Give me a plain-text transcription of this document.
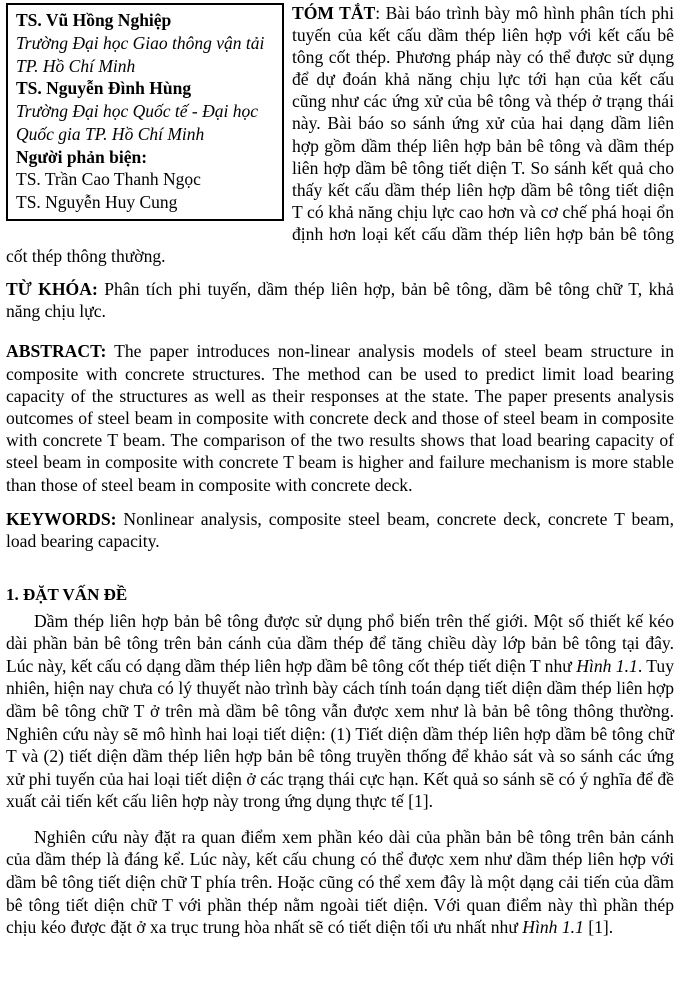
TS. Vũ Hồng Nghiệp
Trường Đại học Giao thông vận tải TP. Hồ Chí Minh
TS. Nguyễn Đình Hùng
Trường Đại học Quốc tế - Đại học Quốc gia TP. Hồ Chí Minh
Người phản biện:
TS. Trần Cao Thanh Ngọc
TS. Nguyễn Huy Cung

TÓM TẮT: Bài báo trình bày mô hình phân tích phi tuyến của kết cấu dầm thép liên hợp với kết cấu bê tông cốt thép. Phương pháp này có thể được sử dụng để dự đoán khả năng chịu lực tới hạn của kết cấu cũng như các ứng xử của bê tông và thép ở trạng thái này. Bài báo so sánh ứng xử của hai dạng dầm liên hợp gồm dầm thép liên hợp bản bê tông và dầm thép liên hợp dầm bê tông tiết diện T. So sánh kết quả cho thấy kết cấu dầm thép liên hợp dầm bê tông tiết diện T có khả năng chịu lực cao hơn và cơ chế phá hoại ổn định hơn loại kết cấu dầm thép liên hợp bản bê tông cốt thép thông thường.

TỪ KHÓA: Phân tích phi tuyến, dầm thép liên hợp, bản bê tông, dầm bê tông chữ T, khả năng chịu lực.

ABSTRACT: The paper introduces non-linear analysis models of steel beam structure in composite with concrete structures. The method can be used to predict limit load bearing capacity of the structures as well as their responses at the state. The paper presents analysis outcomes of steel beam in composite with concrete deck and those of steel beam in composite with concrete T beam. The comparison of the two results shows that load bearing capacity of steel beam in composite with concrete T beam is higher and failure mechanism is more stable than those of steel beam in composite with concrete deck.

KEYWORDS: Nonlinear analysis, composite steel beam, concrete deck, concrete T beam, load bearing capacity.

1. ĐẶT VẤN ĐỀ

Dầm thép liên hợp bản bê tông được sử dụng phổ biến trên thế giới. Một số thiết kế kéo dài phần bản bê tông trên bản cánh của dầm thép để tăng chiều dày lớp bản bê tông tại đây. Lúc này, kết cấu có dạng dầm thép liên hợp dầm bê tông cốt thép tiết diện T như Hình 1.1. Tuy nhiên, hiện nay chưa có lý thuyết nào trình bày cách tính toán dạng tiết diện dầm thép liên hợp dầm bê tông chữ T ở trên mà dầm bê tông vẫn được xem như là bản bê tông thông thường. Nghiên cứu này sẽ mô hình hai loại tiết diện: (1) Tiết diện dầm thép liên hợp dầm bê tông chữ T và (2) tiết diện dầm thép liên hợp bản bê tông truyền thống để khảo sát và so sánh các ứng xử phi tuyến của hai loại tiết diện ở các trạng thái cực hạn. Kết quả so sánh sẽ có ý nghĩa để đề xuất cải tiến kết cấu liên hợp này trong ứng dụng thực tế [1].

Nghiên cứu này đặt ra quan điểm xem phần kéo dài của phần bản bê tông trên bản cánh của dầm thép là đáng kể. Lúc này, kết cấu chung có thể được xem như dầm thép liên hợp với dầm bê tông tiết diện chữ T phía trên. Hoặc cũng có thể xem đây là một dạng cải tiến của dầm bê tông tiết diện chữ T với phần thép nằm ngoài tiết diện. Với quan điểm này thì phần thép chịu kéo được đặt ở xa trục trung hòa nhất sẽ có tiết diện tối ưu nhất như Hình 1.1 [1].
